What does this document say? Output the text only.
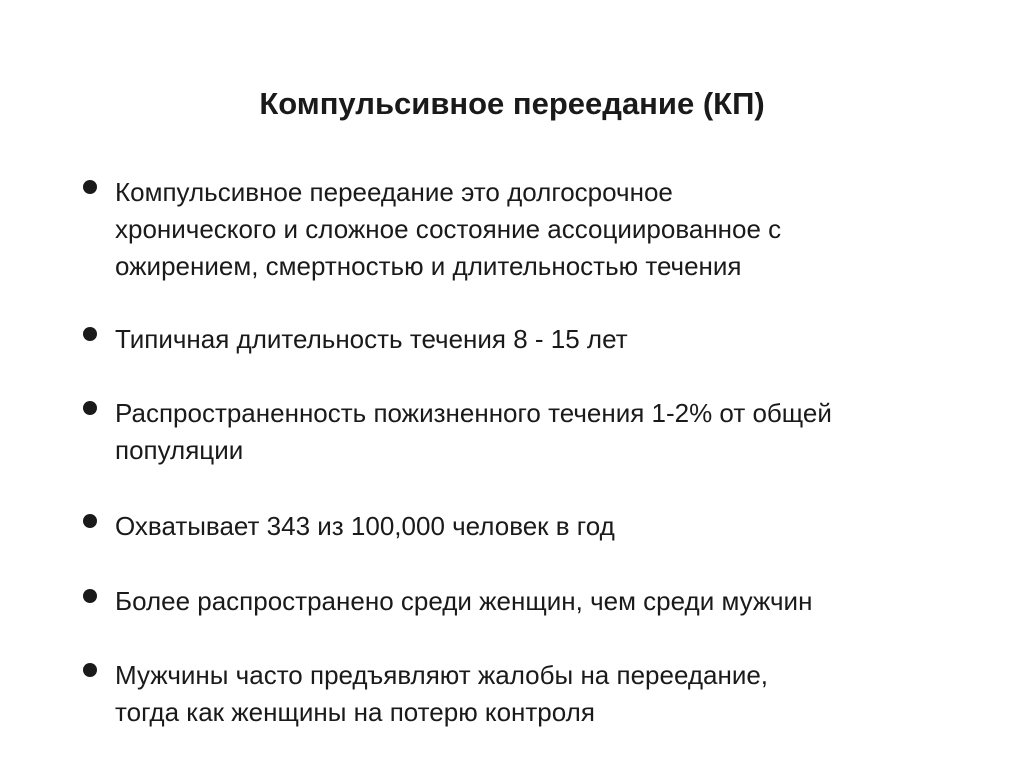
Компульсивное переедание (КП)
Компульсивное переедание это долгосрочное
хронического и сложное состояние ассоциированное с
ожирением, смертностью и длительностью течения
Типичная длительность течения 8 - 15 лет
Распространенность пожизненного течения 1-2% от общей
популяции
Охватывает 343 из 100,000 человек в год
Более распространено среди женщин, чем среди мужчин
Мужчины часто предъявляют жалобы на переедание,
тогда как женщины на потерю контроля
